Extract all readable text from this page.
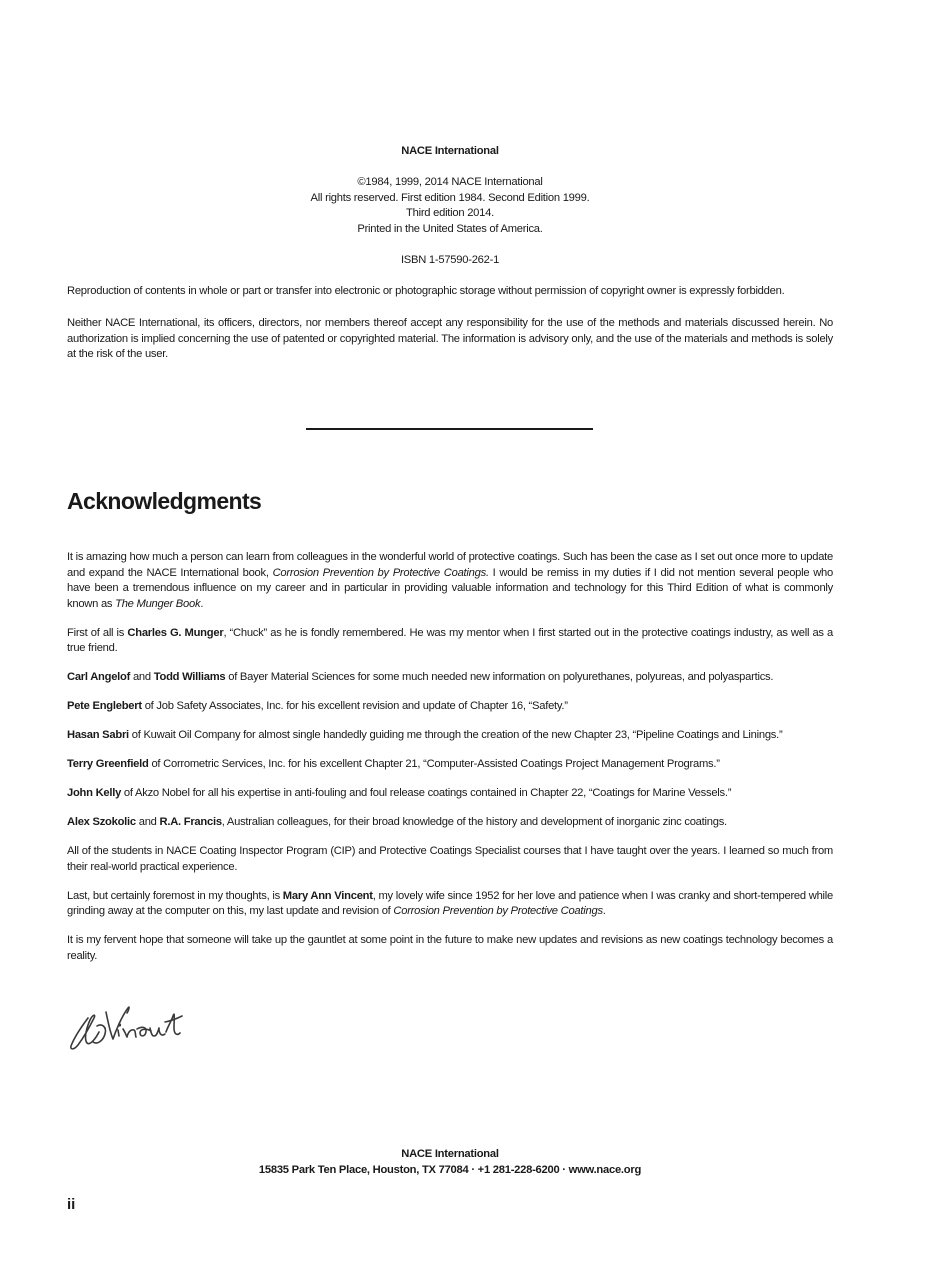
NACE International

©1984, 1999, 2014 NACE International

All rights reserved. First edition 1984. Second Edition 1999.

Third edition 2014.

Printed in the United States of America.

ISBN 1-57590-262-1

Reproduction of contents in whole or part or transfer into electronic or photographic storage without permission of copyright owner is expressly forbidden.

Neither NACE International, its officers, directors, nor members thereof accept any responsibility for the use of the methods and materials discussed herein. No authorization is implied concerning the use of patented or copyrighted material. The information is advisory only, and the use of the materials and methods is solely at the risk of the user.

Acknowledgments

It is amazing how much a person can learn from colleagues in the wonderful world of protective coatings. Such has been the case as I set out once more to update and expand the NACE International book, Corrosion Prevention by Protective Coatings. I would be remiss in my duties if I did not mention several people who have been a tremendous influence on my career and in particular in providing valuable information and technology for this Third Edition of what is commonly known as The Munger Book.

First of all is Charles G. Munger, “Chuck” as he is fondly remembered. He was my mentor when I first started out in the protective coatings industry, as well as a true friend.

Carl Angelof and Todd Williams of Bayer Material Sciences for some much needed new information on polyurethanes, polyureas, and polyaspartics.

Pete Englebert of Job Safety Associates, Inc. for his excellent revision and update of Chapter 16, “Safety.”

Hasan Sabri of Kuwait Oil Company for almost single handedly guiding me through the creation of the new Chapter 23, “Pipeline Coatings and Linings.”

Terry Greenfield of Corrometric Services, Inc. for his excellent Chapter 21, “Computer-Assisted Coatings Project Management Programs.”

John Kelly of Akzo Nobel for all his expertise in anti-fouling and foul release coatings contained in Chapter 22, “Coatings for Marine Vessels.”

Alex Szokolic and R.A. Francis, Australian colleagues, for their broad knowledge of the history and development of inorganic zinc coatings.

All of the students in NACE Coating Inspector Program (CIP) and Protective Coatings Specialist courses that I have taught over the years. I learned so much from their real-world practical experience.

Last, but certainly foremost in my thoughts, is Mary Ann Vincent, my lovely wife since 1952 for her love and patience when I was cranky and short-tempered while grinding away at the computer on this, my last update and revision of Corrosion Prevention by Protective Coatings.

It is my fervent hope that someone will take up the gauntlet at some point in the future to make new updates and revisions as new coatings technology becomes a reality.

NACE International
15835 Park Ten Place, Houston, TX 77084 · +1 281-228-6200 · www.nace.org
ii
